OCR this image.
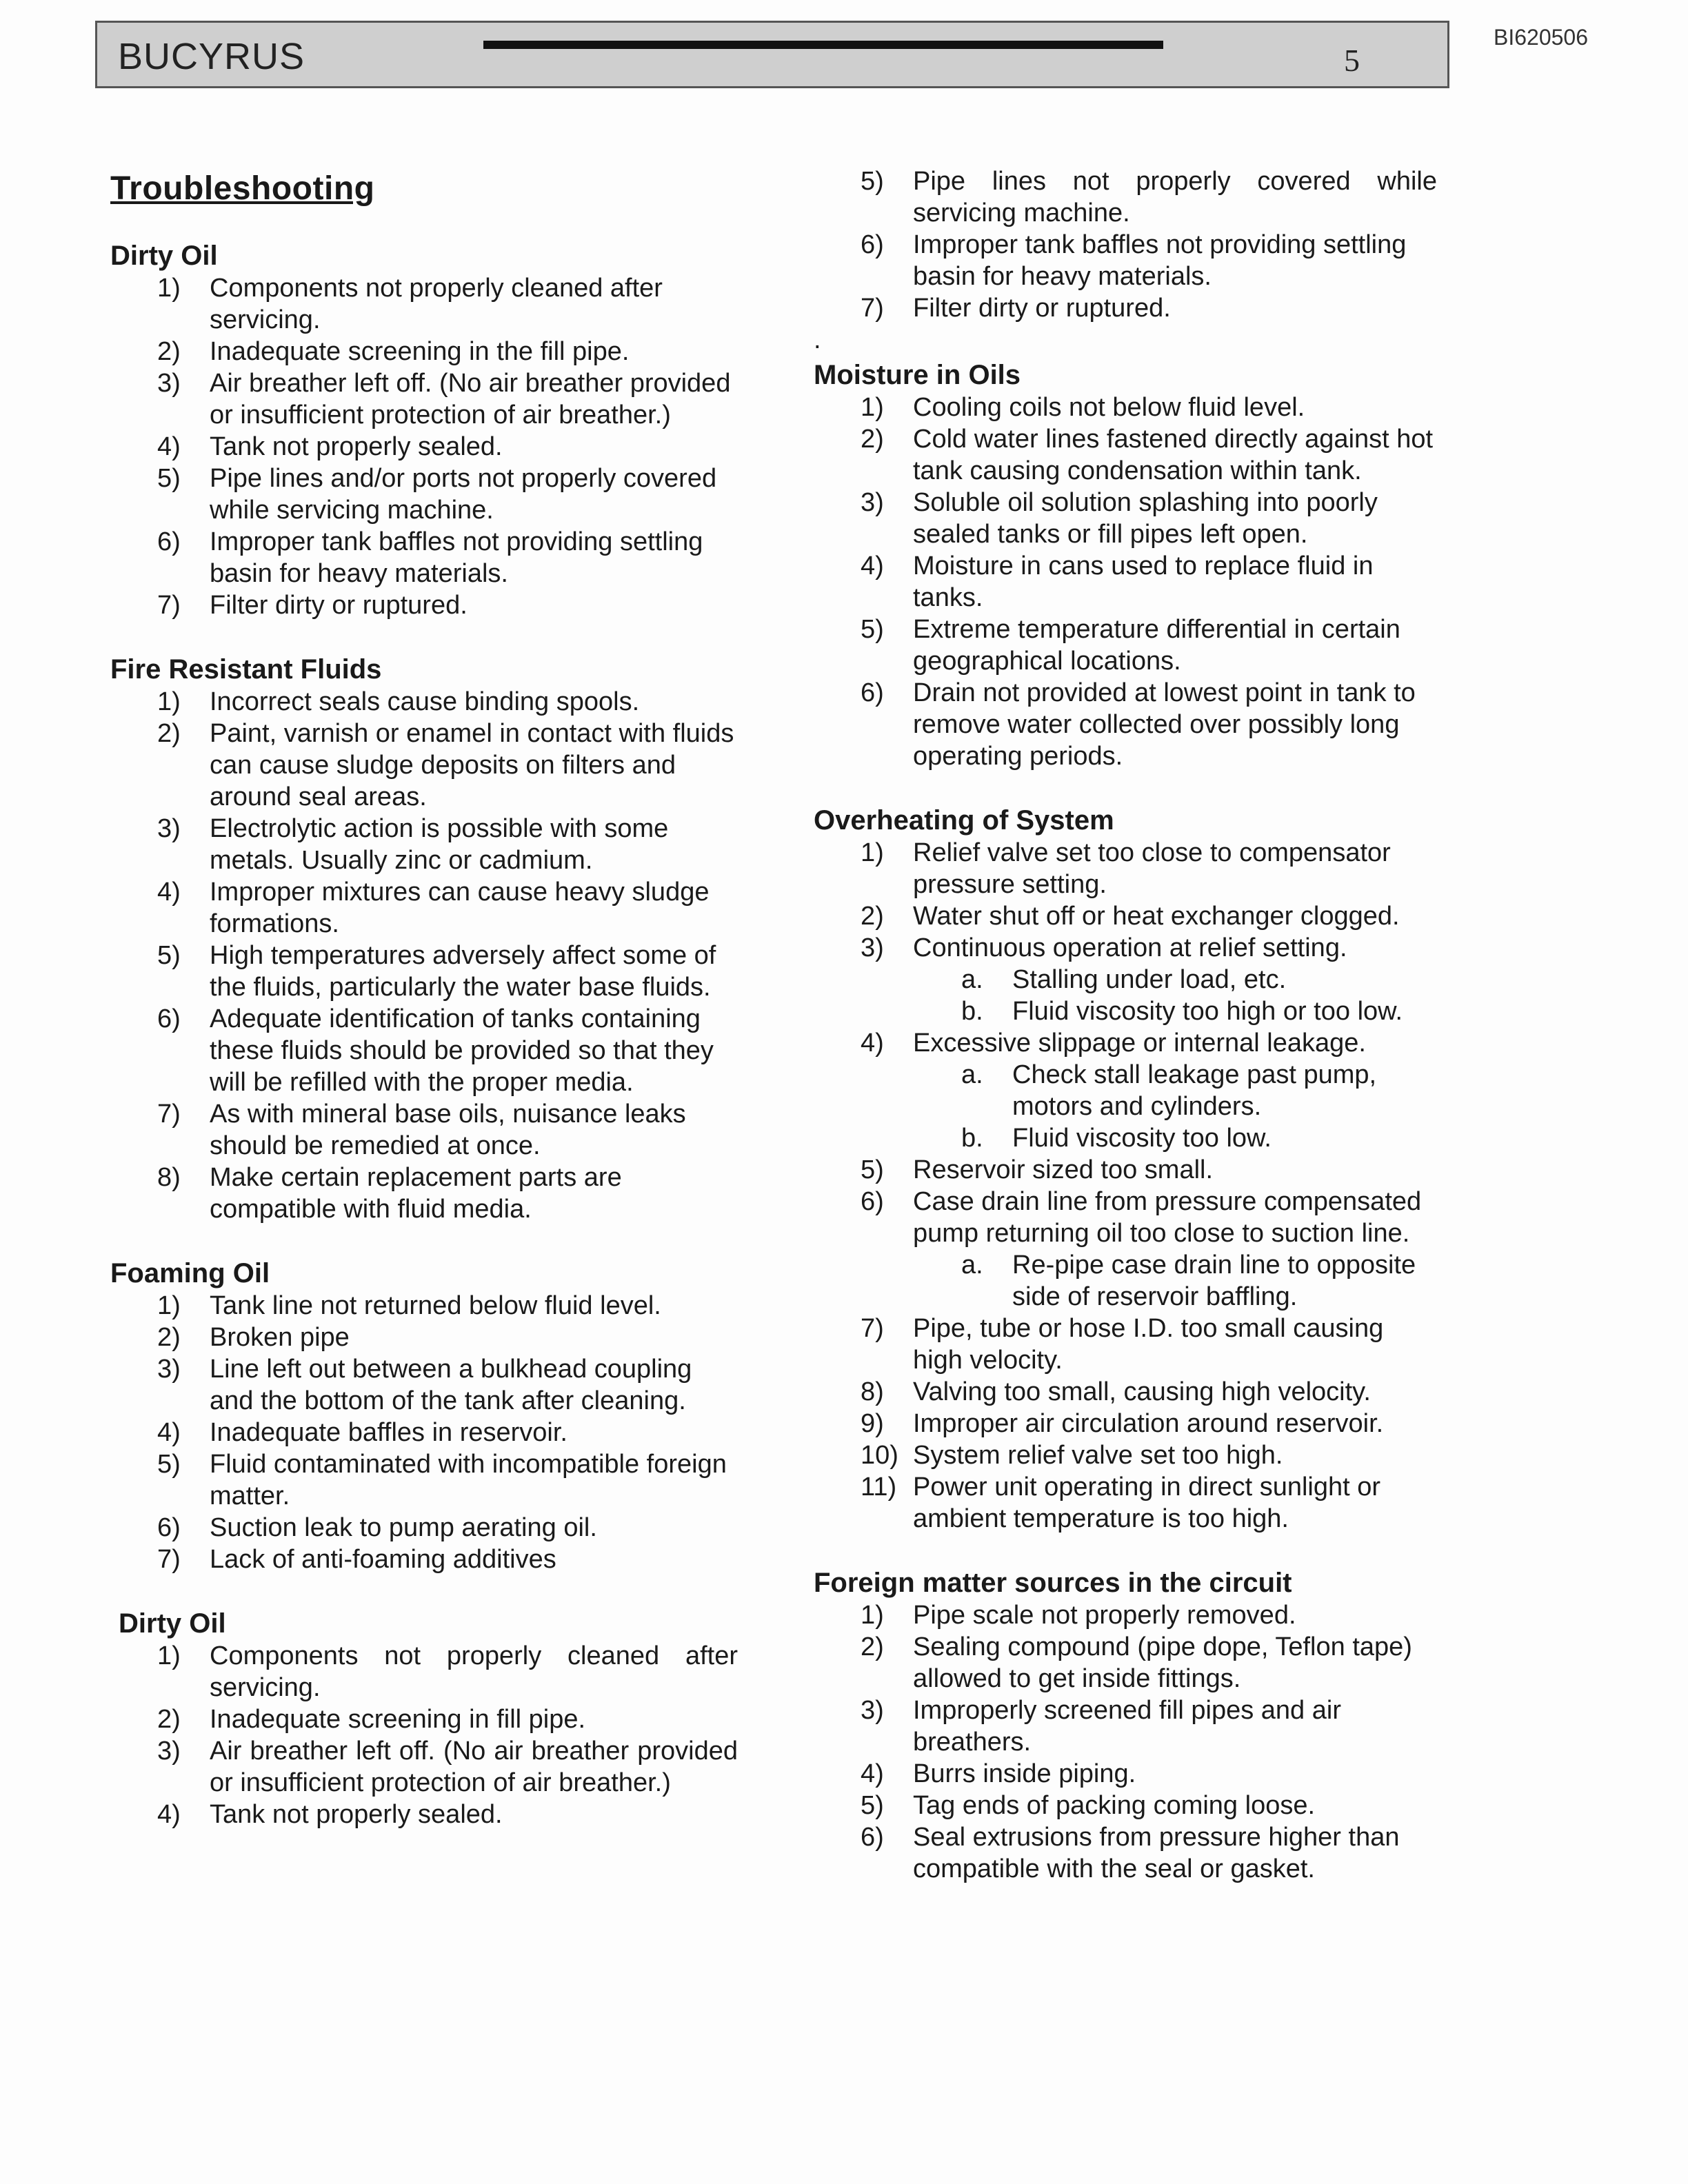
BUCYRUS	5
BI620506
Troubleshooting
Dirty Oil
1) Components not properly cleaned after servicing.
2) Inadequate screening in the fill pipe.
3) Air breather left off. (No air breather provided or insufficient protection of air breather.)
4) Tank not properly sealed.
5) Pipe lines and/or ports not properly covered while servicing machine.
6) Improper tank baffles not providing settling basin for heavy materials.
7) Filter dirty or ruptured.
Fire Resistant Fluids
1) Incorrect seals cause binding spools.
2) Paint, varnish or enamel in contact with fluids can cause sludge deposits on filters and around seal areas.
3) Electrolytic action is possible with some metals. Usually zinc or cadmium.
4) Improper mixtures can cause heavy sludge formations.
5) High temperatures adversely affect some of the fluids, particularly the water base fluids.
6) Adequate identification of tanks containing these fluids should be provided so that they will be refilled with the proper media.
7) As with mineral base oils, nuisance leaks should be remedied at once.
8) Make certain replacement parts are compatible with fluid media.
Foaming Oil
1) Tank line not returned below fluid level.
2) Broken pipe
3) Line left out between a bulkhead coupling and the bottom of the tank after cleaning.
4) Inadequate baffles in reservoir.
5) Fluid contaminated with incompatible foreign matter.
6) Suction leak to pump aerating oil.
7) Lack of anti-foaming additives
Dirty Oil
1) Components not properly cleaned after servicing.
2) Inadequate screening in fill pipe.
3) Air breather left off. (No air breather provided or insufficient protection of air breather.)
4) Tank not properly sealed.
5) Pipe lines not properly covered while servicing machine.
6) Improper tank baffles not providing settling basin for heavy materials.
7) Filter dirty or ruptured.
.
Moisture in Oils
1) Cooling coils not below fluid level.
2) Cold water lines fastened directly against hot tank causing condensation within tank.
3) Soluble oil solution splashing into poorly sealed tanks or fill pipes left open.
4) Moisture in cans used to replace fluid in tanks.
5) Extreme temperature differential in certain geographical locations.
6) Drain not provided at lowest point in tank to remove water collected over possibly long operating periods.
Overheating of System
1) Relief valve set too close to compensator pressure setting.
2) Water shut off or heat exchanger clogged.
3) Continuous operation at relief setting.
a. Stalling under load, etc.
b. Fluid viscosity too high or too low.
4) Excessive slippage or internal leakage.
a. Check stall leakage past pump, motors and cylinders.
b. Fluid viscosity too low.
5) Reservoir sized too small.
6) Case drain line from pressure compensated pump returning oil too close to suction line.
a. Re-pipe case drain line to opposite side of reservoir baffling.
7) Pipe, tube or hose I.D. too small causing high velocity.
8) Valving too small, causing high velocity.
9) Improper air circulation around reservoir.
10) System relief valve set too high.
11) Power unit operating in direct sunlight or ambient temperature is too high.
Foreign matter sources in the circuit
1) Pipe scale not properly removed.
2) Sealing compound (pipe dope, Teflon tape) allowed to get inside fittings.
3) Improperly screened fill pipes and air breathers.
4) Burrs inside piping.
5) Tag ends of packing coming loose.
6) Seal extrusions from pressure higher than compatible with the seal or gasket.
